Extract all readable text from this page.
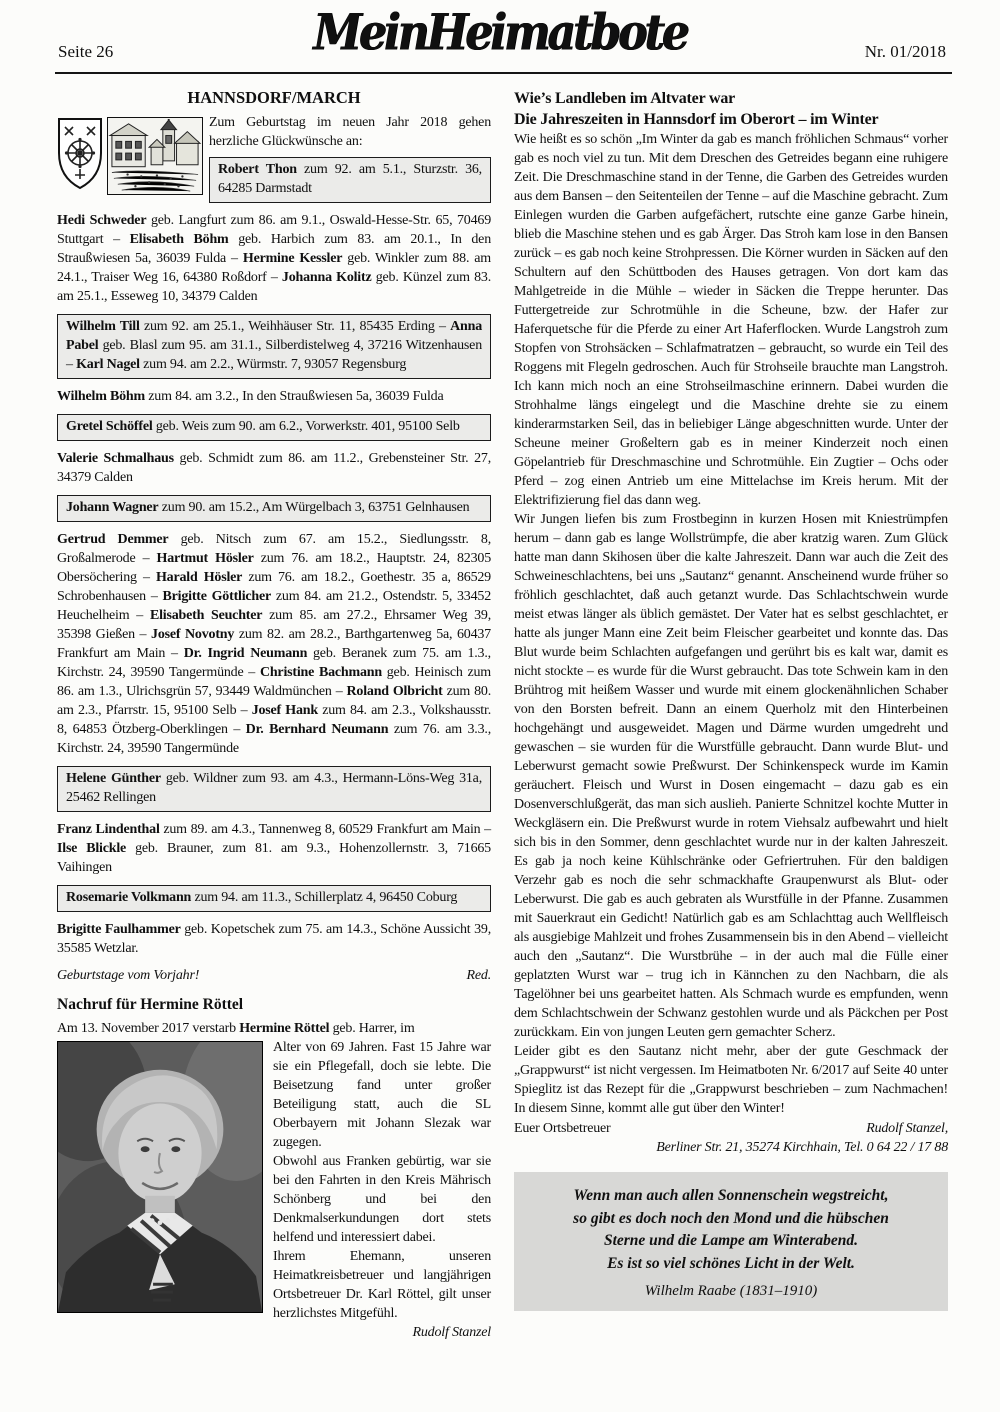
Seite 26	MeinHeimatbote	Nr. 01/2018
HANNSDORF/MARCH
Zum Geburtstag im neuen Jahr 2018 gehen herzliche Glückwünsche an:
Robert Thon zum 92. am 5.1., Sturzstr. 36, 64285 Darmstadt
Hedi Schweder geb. Langfurt zum 86. am 9.1., Oswald-Hesse-Str. 65, 70469 Stuttgart – Elisabeth Böhm geb. Harbich zum 83. am 20.1., In den Straußwiesen 5a, 36039 Fulda – Hermine Kessler geb. Winkler zum 88. am 24.1., Traiser Weg 16, 64380 Roßdorf – Johanna Kolitz geb. Künzel zum 83. am 25.1., Esseweg 10, 34379 Calden
Wilhelm Till zum 92. am 25.1., Weihhäuser Str. 11, 85435 Erding – Anna Pabel geb. Blasl zum 95. am 31.1., Silberdistelweg 4, 37216 Witzenhausen – Karl Nagel zum 94. am 2.2., Würmstr. 7, 93057 Regensburg
Wilhelm Böhm zum 84. am 3.2., In den Straußwiesen 5a, 36039 Fulda
Gretel Schöffel geb. Weis zum 90. am 6.2., Vorwerkstr. 401, 95100 Selb
Valerie Schmalhaus geb. Schmidt zum 86. am 11.2., Grebensteiner Str. 27, 34379 Calden
Johann Wagner zum 90. am 15.2., Am Würgelbach 3, 63751 Gelnhausen
Gertrud Demmer geb. Nitsch zum 67. am 15.2., Siedlungsstr. 8, Großalmerode – Hartmut Hösler zum 76. am 18.2., Hauptstr. 24, 82305 Obersöchering – Harald Hösler zum 76. am 18.2., Goethestr. 35 a, 86529 Schrobenhausen – Brigitte Göttlicher zum 84. am 21.2., Ostendstr. 5, 33452 Heuchelheim – Elisabeth Seuchter zum 85. am 27.2., Ehrsamer Weg 39, 35398 Gießen – Josef Novotny zum 82. am 28.2., Barthgartenweg 5a, 60437 Frankfurt am Main – Dr. Ingrid Neumann geb. Beranek zum 75. am 1.3., Kirchstr. 24, 39590 Tangermünde – Christine Bachmann geb. Heinisch zum 86. am 1.3., Ulrichsgrün 57, 93449 Waldmünchen – Roland Olbricht zum 80. am 2.3., Pfarrstr. 15, 95100 Selb – Josef Hank zum 84. am 2.3., Volkshausstr. 8, 64853 Ötzberg-Oberklingen – Dr. Bernhard Neumann zum 76. am 3.3., Kirchstr. 24, 39590 Tangermünde
Helene Günther geb. Wildner zum 93. am 4.3., Hermann-Löns-Weg 31a, 25462 Rellingen
Franz Lindenthal zum 89. am 4.3., Tannenweg 8, 60529 Frankfurt am Main – Ilse Blickle geb. Brauner, zum 81. am 9.3., Hohenzollernstr. 3, 71665 Vaihingen
Rosemarie Volkmann zum 94. am 11.3., Schillerplatz 4, 96450 Coburg
Brigitte Faulhammer geb. Kopetschek zum 75. am 14.3., Schöne Aussicht 39, 35585 Wetzlar.
Geburtstage vom Vorjahr!	Red.
Nachruf für Hermine Röttel
Am 13. November 2017 verstarb Hermine Röttel geb. Harrer, im

Alter von 69 Jahren. Fast 15 Jahre war sie ein Pflegefall, doch sie lebte. Die Beisetzung fand unter großer Beteiligung statt, auch die SL Oberbayern mit Johann Slezak war zugegen.

Obwohl aus Franken gebürtig, war sie bei den Fahrten in den Kreis Mährisch Schönberg und bei den Denkmalserkundungen dort stets helfend und interessiert dabei.

Ihrem Ehemann, unseren Heimatkreisbetreuer und langjährigen Ortsbetreuer Dr. Karl Röttel, gilt unser herzlichstes Mitgefühl.

Rudolf Stanzel
Wie’s Landleben im Altvater war
Die Jahreszeiten in Hannsdorf im Oberort – im Winter

Wie heißt es so schön „Im Winter da gab es manch fröhlichen Schmaus“ vorher gab es noch viel zu tun. Mit dem Dreschen des Getreides begann eine ruhigere Zeit. Die Dreschmaschine stand in der Tenne, die Garben des Getreides wurden aus dem Bansen – den Seitenteilen der Tenne – auf die Maschine gebracht. Zum Einlegen wurden die Garben aufgefächert, rutschte eine ganze Garbe hinein, blieb die Maschine stehen und es gab Ärger. Das Stroh kam lose in den Bansen zurück – es gab noch keine Strohpressen. Die Körner wurden in Säcken auf den Schultern auf den Schüttboden des Hauses getragen. Von dort kam das Mahlgetreide in die Mühle – wieder in Säcken die Treppe herunter. Das Futtergetreide zur Schrotmühle in die Scheune, bzw. der Hafer zur Haferquetsche für die Pferde zu einer Art Haferflocken. Wurde Langstroh zum Stopfen von Strohsäcken – Schlafmatratzen – gebraucht, so wurde ein Teil des Roggens mit Flegeln gedroschen. Auch für Strohseile brauchte man Langstroh. Ich kann mich noch an eine Strohseilmaschine erinnern. Dabei wurden die Strohhalme längs eingelegt und die Maschine drehte sie zu einem kinderarmstarken Seil, das in beliebiger Länge abgeschnitten wurde. Unter der Scheune meiner Großeltern gab es in meiner Kinderzeit noch einen Göpelantrieb für Dreschmaschine und Schrotmühle. Ein Zugtier – Ochs oder Pferd – zog einen Antrieb um eine Mittelachse im Kreis herum. Mit der Elektrifizierung fiel das dann weg.

Wir Jungen liefen bis zum Frostbeginn in kurzen Hosen mit Kniestrümpfen herum – dann gab es lange Wollstrümpfe, die aber kratzig waren. Zum Glück hatte man dann Skihosen über die kalte Jahreszeit. Dann war auch die Zeit des Schweineschlachtens, bei uns „Sautanz“ genannt. Anscheinend wurde früher so fröhlich geschlachtet, daß auch getanzt wurde. Das Schlachtschwein wurde meist etwas länger als üblich gemästet. Der Vater hat es selbst geschlachtet, er hatte als junger Mann eine Zeit beim Fleischer gearbeitet und konnte das. Das Blut wurde beim Schlachten aufgefangen und gerührt bis es kalt war, damit es nicht stockte – es wurde für die Wurst gebraucht. Das tote Schwein kam in den Brühtrog mit heißem Wasser und wurde mit einem glockenähnlichen Schaber von den Borsten befreit. Dann an einem Querholz mit den Hinterbeinen hochgehängt und ausgeweidet. Magen und Därme wurden umgedreht und gewaschen – sie wurden für die Wurstfülle gebraucht. Dann wurde Blut- und Leberwurst gemacht sowie Preßwurst. Der Schinkenspeck wurde im Kamin geräuchert. Fleisch und Wurst in Dosen eingemacht – dazu gab es ein Dosenverschlußgerät, das man sich auslieh. Panierte Schnitzel kochte Mutter in Weckgläsern ein. Die Preßwurst wurde in rotem Viehsalz aufbewahrt und hielt sich bis in den Sommer, denn geschlachtet wurde nur in der kalten Jahreszeit. Es gab ja noch keine Kühlschränke oder Gefriertruhen. Für den baldigen Verzehr gab es noch die sehr schmackhafte Graupenwurst als Blut- oder Leberwurst. Die gab es auch gebraten als Wurstfülle in der Pfanne. Zusammen mit Sauerkraut ein Gedicht! Natürlich gab es am Schlachttag auch Wellfleisch als ausgiebige Mahlzeit und frohes Zusammensein bis in den Abend – vielleicht auch den „Sautanz“. Die Wurstbrühe – in der auch mal die Fülle einer geplatzten Wurst war – trug ich in Kännchen zu den Nachbarn, die als Tagelöhner bei uns gearbeitet hatten. Als Schmach wurde es empfunden, wenn dem Schlachtschwein der Schwanz gestohlen wurde und als Päckchen per Post zurückkam. Ein von jungen Leuten gern gemachter Scherz.

Leider gibt es den Sautanz nicht mehr, aber der gute Geschmack der „Grappwurst“ ist nicht vergessen. Im Heimatboten Nr. 6/2017 auf Seite 40 unter Spieglitz ist das Rezept für die „Grappwurst beschrieben – zum Nachmachen! In diesem Sinne, kommt alle gut über den Winter!

Euer Ortsbetreuer	Rudolf Stanzel,
Berliner Str. 21, 35274 Kirchhain, Tel. 0 64 22 / 17 88
Wenn man auch allen Sonnenschein wegstreicht,
so gibt es doch noch den Mond und die hübschen
Sterne und die Lampe am Winterabend.
Es ist so viel schönes Licht in der Welt.
Wilhelm Raabe (1831–1910)
